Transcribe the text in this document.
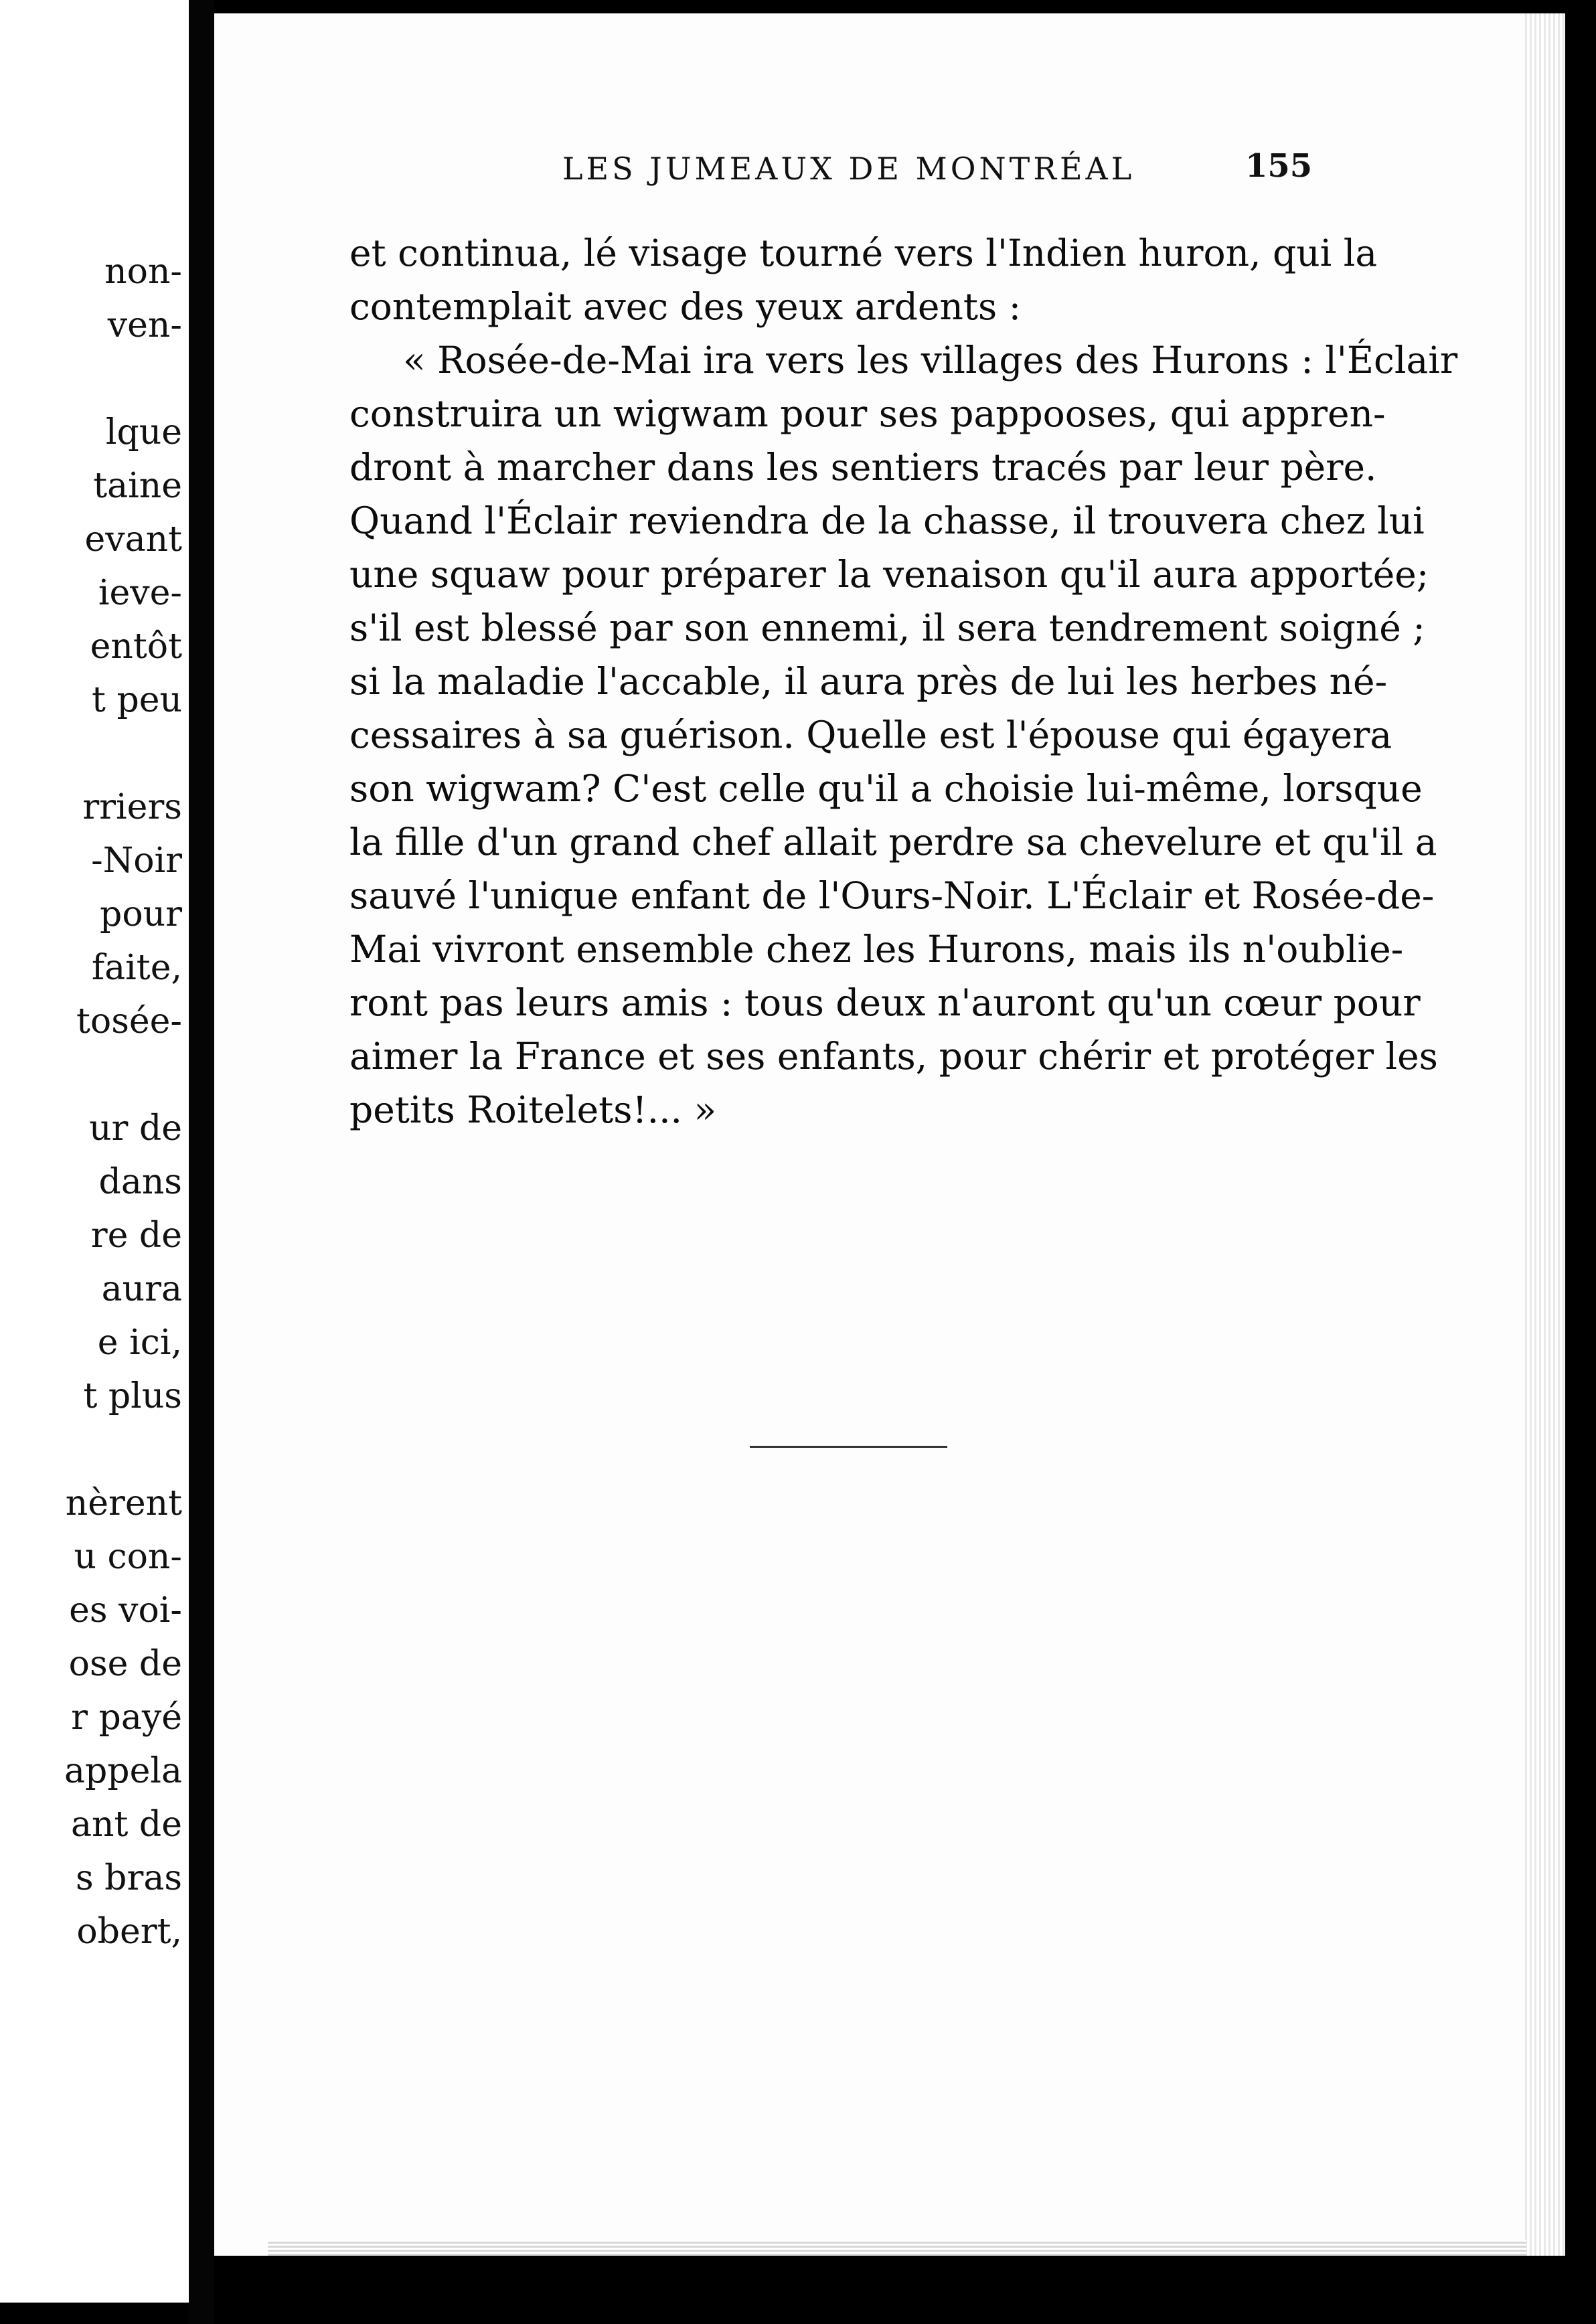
non-
ven-
lque
taine
evant
ieve-
entôt
t peu
rriers
-Noir
pour
faite,
tosée-
ur de
dans
re de
aura
e ici,
t plus
nèrent
u con-
es voi-
ose de
r payé
appela
ant de
s bras
obert,
LES JUMEAUX DE MONTRÉAL	155
et continua, lé visage tourné vers l'Indien huron, qui la
contemplait avec des yeux ardents :
« Rosée-de-Mai ira vers les villages des Hurons : l'Éclair
construira un wigwam pour ses pappooses, qui appren-
dront à marcher dans les sentiers tracés par leur père.
Quand l'Éclair reviendra de la chasse, il trouvera chez lui
une squaw pour préparer la venaison qu'il aura apportée;
s'il est blessé par son ennemi, il sera tendrement soigné ;
si la maladie l'accable, il aura près de lui les herbes né-
cessaires à sa guérison. Quelle est l'épouse qui égayera
son wigwam? C'est celle qu'il a choisie lui-même, lorsque
la fille d'un grand chef allait perdre sa chevelure et qu'il a
sauvé l'unique enfant de l'Ours-Noir. L'Éclair et Rosée-de-
Mai vivront ensemble chez les Hurons, mais ils n'oublie-
ront pas leurs amis : tous deux n'auront qu'un cœur pour
aimer la France et ses enfants, pour chérir et protéger les
petits Roitelets!... »
